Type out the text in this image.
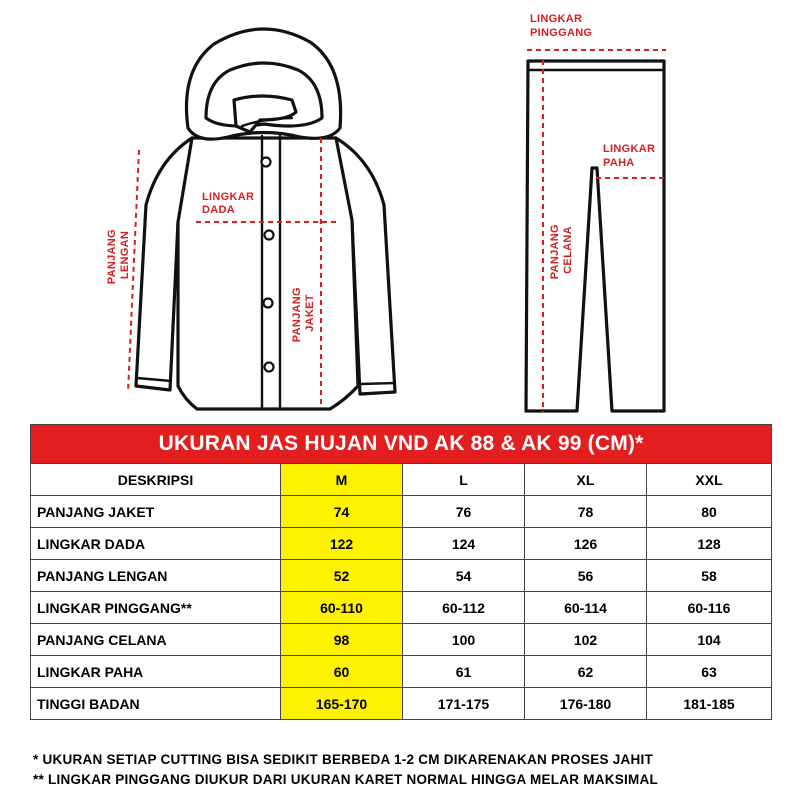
LINGKAR DADA
PANJANG LENGAN
PANJANG JAKET
LINGKAR PINGGANG
LINGKAR PAHA
PANJANG CELANA
UKURAN JAS HUJAN VND AK 88 & AK 99 (CM)*				
DESKRIPSI	M	L	XL	XXL
PANJANG JAKET	74	76	78	80
LINGKAR DADA	122	124	126	128
PANJANG LENGAN	52	54	56	58
LINGKAR PINGGANG**	60-110	60-112	60-114	60-116
PANJANG CELANA	98	100	102	104
LINGKAR PAHA	60	61	62	63
TINGGI BADAN	165-170	171-175	176-180	181-185
* UKURAN SETIAP CUTTING BISA SEDIKIT BERBEDA 1-2 CM DIKARENAKAN PROSES JAHIT
** LINGKAR PINGGANG DIUKUR DARI UKURAN KARET NORMAL HINGGA MELAR MAKSIMAL
